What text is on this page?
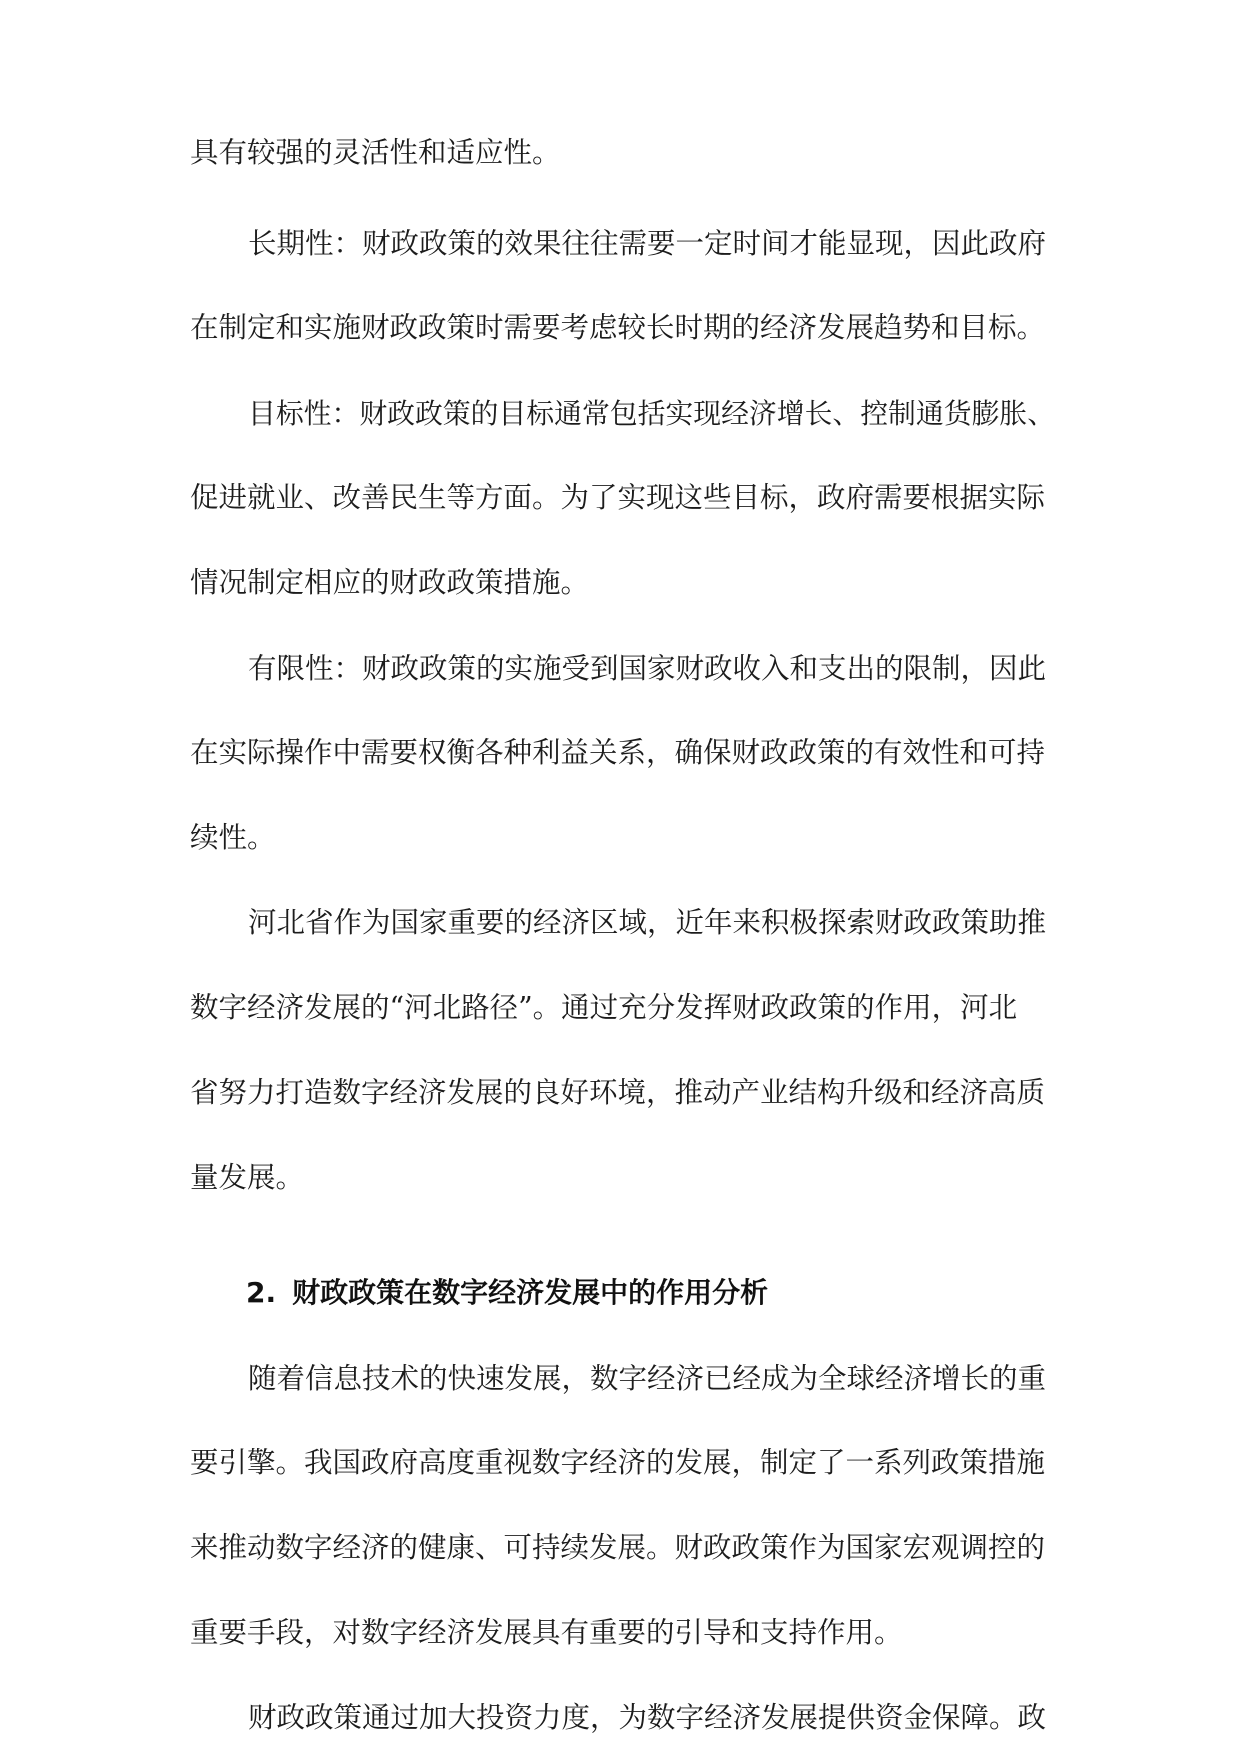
具有较强的灵活性和适应性。

长期性：财政政策的效果往往需要一定时间才能显现，因此政府

在制定和实施财政政策时需要考虑较长时期的经济发展趋势和目标。

目标性：财政政策的目标通常包括实现经济增长、控制通货膨胀、

促进就业、改善民生等方面。为了实现这些目标，政府需要根据实际

情况制定相应的财政政策措施。

有限性：财政政策的实施受到国家财政收入和支出的限制，因此

在实际操作中需要权衡各种利益关系，确保财政政策的有效性和可持

续性。

河北省作为国家重要的经济区域，近年来积极探索财政政策助推

数字经济发展的“河北路径”。通过充分发挥财政政策的作用，河北

省努力打造数字经济发展的良好环境，推动产业结构升级和经济高质

量发展。

2. 财政政策在数字经济发展中的作用分析

随着信息技术的快速发展，数字经济已经成为全球经济增长的重

要引擎。我国政府高度重视数字经济的发展，制定了一系列政策措施

来推动数字经济的健康、可持续发展。财政政策作为国家宏观调控的

重要手段，对数字经济发展具有重要的引导和支持作用。

财政政策通过加大投资力度，为数字经济发展提供资金保障。政
